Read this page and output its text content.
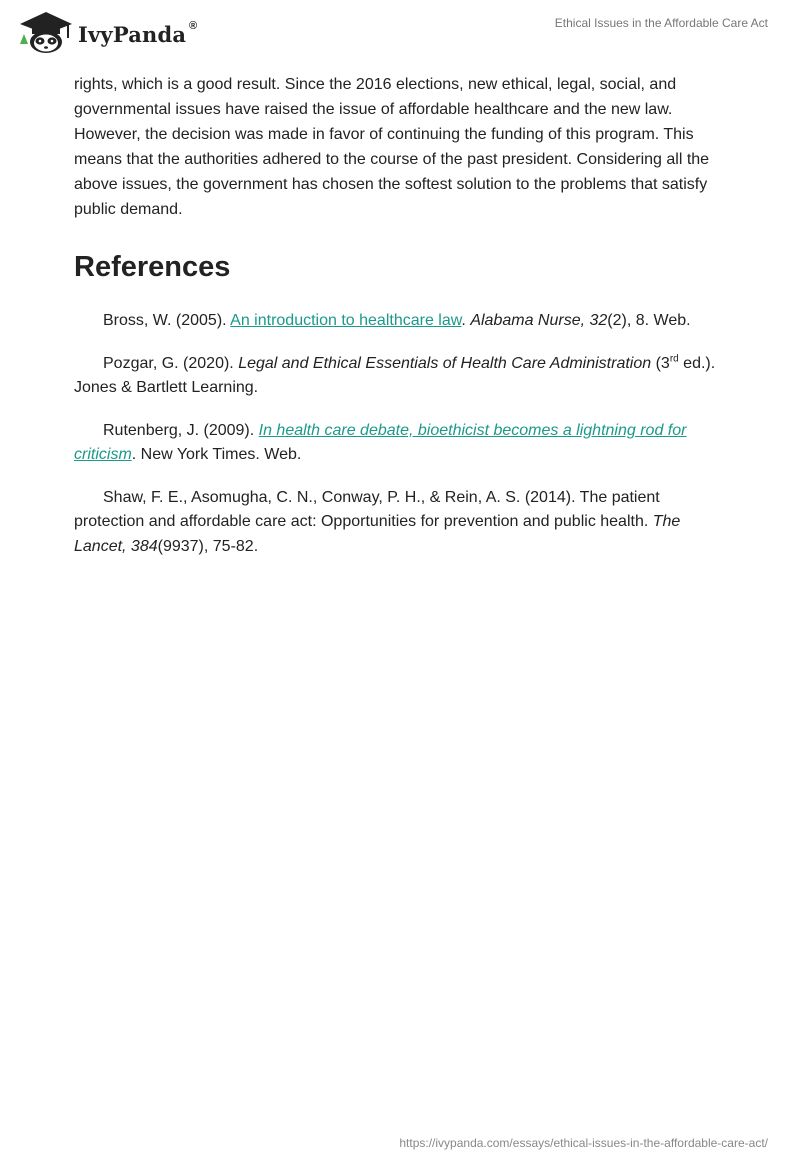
IvyPanda ®	Ethical Issues in the Affordable Care Act

rights, which is a good result. Since the 2016 elections, new ethical, legal, social, and governmental issues have raised the issue of affordable healthcare and the new law. However, the decision was made in favor of continuing the funding of this program. This means that the authorities adhered to the course of the past president. Considering all the above issues, the government has chosen the softest solution to the problems that satisfy public demand.

References

Bross, W. (2005). An introduction to healthcare law. Alabama Nurse, 32(2), 8. Web.

Pozgar, G. (2020). Legal and Ethical Essentials of Health Care Administration (3rd ed.). Jones & Bartlett Learning.

Rutenberg, J. (2009). In health care debate, bioethicist becomes a lightning rod for criticism. New York Times. Web.

Shaw, F. E., Asomugha, C. N., Conway, P. H., & Rein, A. S. (2014). The patient protection and affordable care act: Opportunities for prevention and public health. The Lancet, 384(9937), 75-82.

https://ivypanda.com/essays/ethical-issues-in-the-affordable-care-act/
